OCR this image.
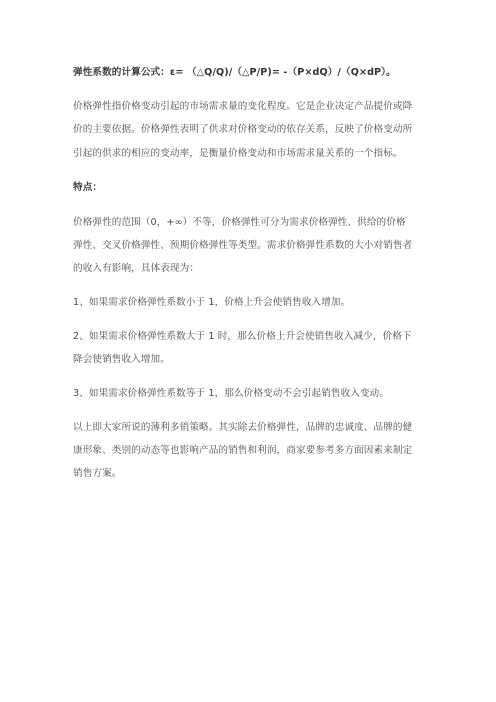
弹性系数的计算公式：ε= （△Q/Q)/（△P/P)= -（P×dQ）/（Q×dP）。
价格弹性指价格变动引起的市场需求量的变化程度。它是企业决定产品提价或降
价的主要依据。价格弹性表明了供求对价格变动的依存关系，反映了价格变动所
引起的供求的相应的变动率，是衡量价格变动和市场需求量关系的一个指标。
特点：
价格弹性的范围（0，+∞）不等，价格弹性可分为需求价格弹性、供给的价格
弹性、交叉价格弹性、预期价格弹性等类型。需求价格弹性系数的大小对销售者
的收入有影响，具体表现为：
1、如果需求价格弹性系数小于 1，价格上升会使销售收入增加。
2、如果需求价格弹性系数大于 1 时，那么价格上升会使销售收入减少，价格下
降会使销售收入增加。
3、如果需求价格弹性系数等于 1，那么价格变动不会引起销售收入变动。
以上即大家所说的薄利多销策略。其实除去价格弹性，品牌的忠诚度、品牌的健
康形象、类别的动态等也影响产品的销售和利润，商家要参考多方面因素来制定
销售方案。
